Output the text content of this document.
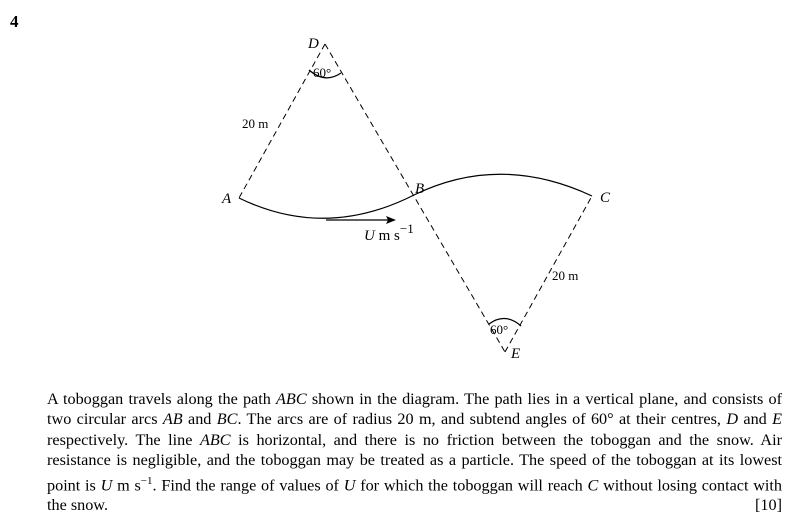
4
D
60°
20 m
A
B
C
20 m
60°
E
U m s−1

A toboggan travels along the path ABC shown in the diagram. The path lies in a vertical plane, and consists of two circular arcs AB and BC. The arcs are of radius 20 m, and subtend angles of 60° at their centres, D and E respectively. The line ABC is horizontal, and there is no friction between the toboggan and the snow. Air resistance is negligible, and the toboggan may be treated as a particle. The speed of the toboggan at its lowest point is U m $s^{-1}$. Find the range of values of U for which the toboggan will reach C without losing contact with the snow.	[10]
